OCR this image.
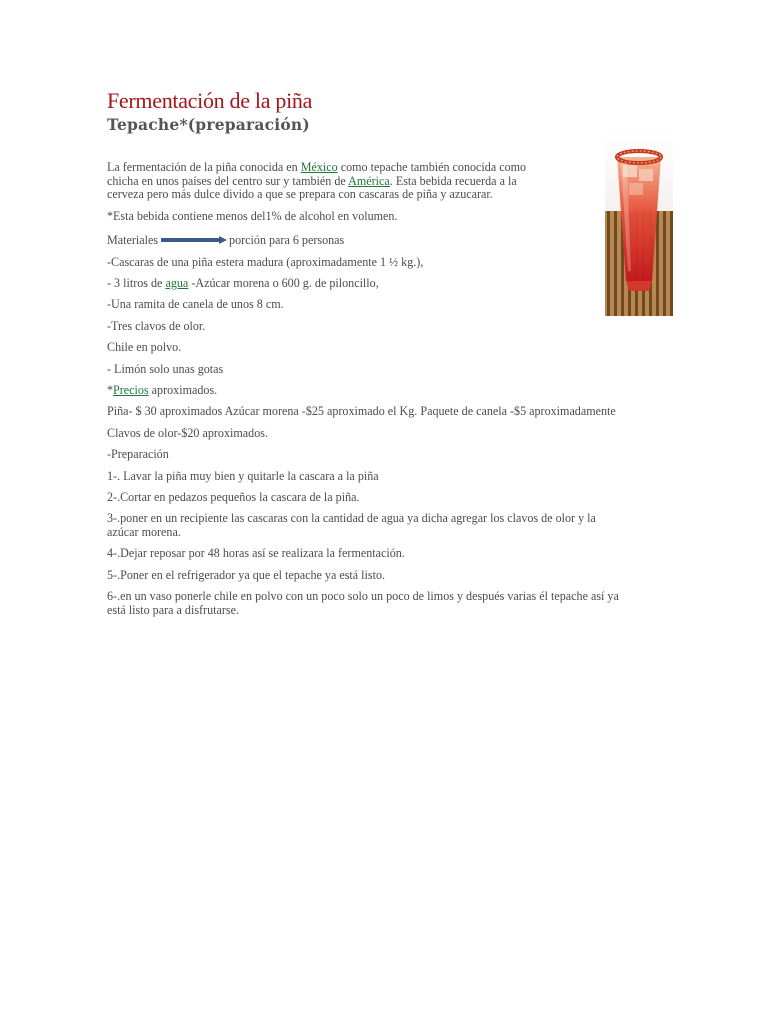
Fermentación de la piña
Tepache*(preparación)
La fermentación de la piña conocida en México como tepache también conocida como
chicha en unos países del centro sur y también de América. Esta bebida recuerda a la
cerveza pero más dulce divido a que se prepara con cascaras de piña y azucarar.
*Esta bebida contiene menos del1% de alcohol en volumen.
Materiales	porción para 6 personas
-Cascaras de una piña estera madura (aproximadamente 1 ½ kg.),
- 3 litros de agua -Azúcar morena o 600 g. de piloncillo,
-Una ramita de canela de unos 8 cm.
-Tres clavos de olor.
Chile en polvo.
- Limón solo unas gotas
*Precios aproximados.
Piña- $ 30 aproximados Azúcar morena -$25 aproximado el Kg. Paquete de canela -$5 aproximadamente
Clavos de olor-$20 aproximados.
-Preparación
1-. Lavar la piña muy bien y quitarle la cascara a la piña
2-.Cortar en pedazos pequeños la cascara de la piña.
3-.poner en un recipiente las cascaras con la cantidad de agua ya dicha agregar los clavos de olor y la
azúcar morena.
4-.Dejar reposar por 48 horas así se realizara la fermentación.
5-.Poner en el refrigerador ya que el tepache ya está listo.
6-.en un vaso ponerle chile en polvo con un poco solo un poco de limos y después varias él tepache así ya
está listo para a disfrutarse.
